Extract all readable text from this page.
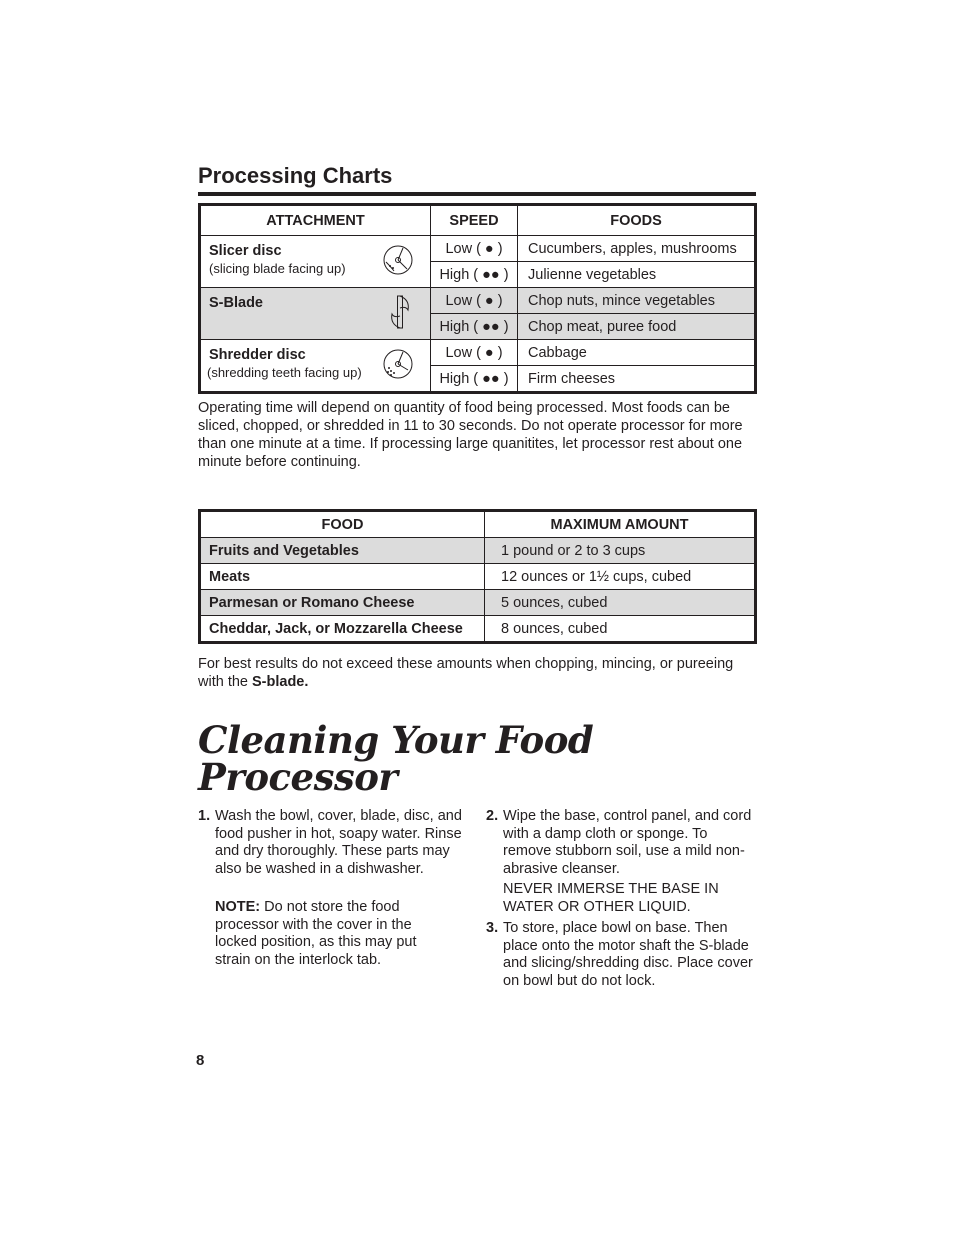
Processing Charts
ATTACHMENT	SPEED	FOODS

Slicer disc
(slicing blade facing up)	Low ( ● )	Cucumbers, apples, mushrooms
	High ( ●● )	Julienne vegetables

S-Blade	Low ( ● )	Chop nuts, mince vegetables
	High ( ●● )	Chop meat, puree food

Shredder disc
(shredding teeth facing up)	Low ( ● )	Cabbage
	High ( ●● )	Firm cheeses

Operating time will depend on quantity of food being processed. Most foods can be sliced, chopped, or shredded in 11 to 30 seconds. Do not operate processor for more than one minute at a time. If processing large quanitites, let processor rest about one minute before continuing.

FOOD	MAXIMUM AMOUNT
Fruits and Vegetables	1 pound or 2 to 3 cups
Meats	12 ounces or 1½ cups, cubed
Parmesan or Romano Cheese	5 ounces, cubed
Cheddar, Jack, or Mozzarella Cheese	8 ounces, cubed

For best results do not exceed these amounts when chopping, mincing, or pureeing with the S-blade.

Cleaning Your Food
Processor
1. Wash the bowl, cover, blade, disc, and food pusher in hot, soapy water. Rinse and dry thoroughly. These parts may also be washed in a dishwasher.
NOTE: Do not store the food processor with the cover in the locked position, as this may put strain on the interlock tab.
2. Wipe the base, control panel, and cord with a damp cloth or sponge. To remove stubborn soil, use a mild non-abrasive cleanser.
NEVER IMMERSE THE BASE IN WATER OR OTHER LIQUID.
3. To store, place bowl on base. Then place onto the motor shaft the S-blade and slicing/shredding disc. Place cover on bowl but do not lock.
8
